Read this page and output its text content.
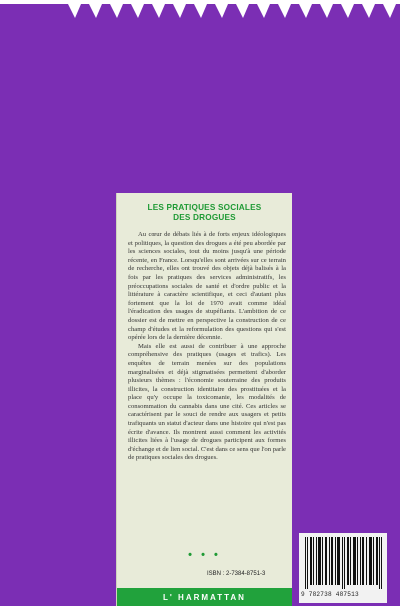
LES PRATIQUES SOCIALES
DES DROGUES

Au cœur de débats liés à de forts enjeux idéologiques et politiques, la question des drogues a été peu abordée par les sciences sociales, tout du moins jusqu'à une période récente, en France. Lorsqu'elles sont arrivées sur ce terrain de recherche, elles ont trouvé des objets déjà balisés à la fois par les pratiques des services administratifs, les préoccupations sociales de santé et d'ordre public et la littérature à caractère scientifique, et ceci d'autant plus fortement que la loi de 1970 avait comme idéal l'éradication des usages de stupéfiants. L'ambition de ce dossier est de mettre en perspective la construction de ce champ d'études et la reformulation des questions qui s'est opérée lors de la dernière décennie.

Mais elle est aussi de contribuer à une approche compréhensive des pratiques (usages et trafics). Les enquêtes de terrain menées sur des populations marginalisées et déjà stigmatisées permettent d'aborder plusieurs thèmes : l'économie souterraine des produits illicites, la construction identitaire des prostituées et la place qu'y occupe la toxicomanie, les modalités de consommation du cannabis dans une cité. Ces articles se caractérisent par le souci de rendre aux usagers et petits trafiquants un statut d'acteur dans une histoire qui n'est pas écrite d'avance. Ils montrent aussi comment les activités illicites liées à l'usage de drogues participent aux formes d'échange et de lien social. C'est dans ce sens que l'on parle de pratiques sociales des drogues.

• • •
ISBN : 2-7384-8751-3
L' HARMATTAN	9 782738 487513
